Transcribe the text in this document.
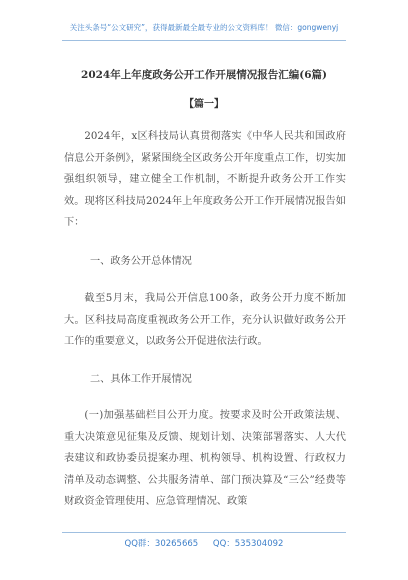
关注头条号“公文研究”，获得最新最全最专业的公文资料库！ 微信：gongwenyj
2024年上年度政务公开工作开展情况报告汇编(6篇)
【篇一】
2024年，x区科技局认真贯彻落实《中华人民共和国政府信息公开条例》，紧紧围绕全区政务公开年度重点工作，切实加强组织领导，建立健全工作机制，不断提升政务公开工作实效。现将区科技局2024年上年度政务公开工作开展情况报告如下：
一、政务公开总体情况
截至5月末，我局公开信息100条，政务公开力度不断加大。区科技局高度重视政务公开工作，充分认识做好政务公开工作的重要意义，以政务公开促进依法行政。
二、具体工作开展情况
(一)加强基础栏目公开力度。按要求及时公开政策法规、重大决策意见征集及反馈、规划计划、决策部署落实、人大代表建议和政协委员提案办理、机构领导、机构设置、行政权力清单及动态调整、公共服务清单、部门预决算及“三公”经费等财政资金管理使用、应急管理情况、政策
QQ群：30265665 QQ：535304092
